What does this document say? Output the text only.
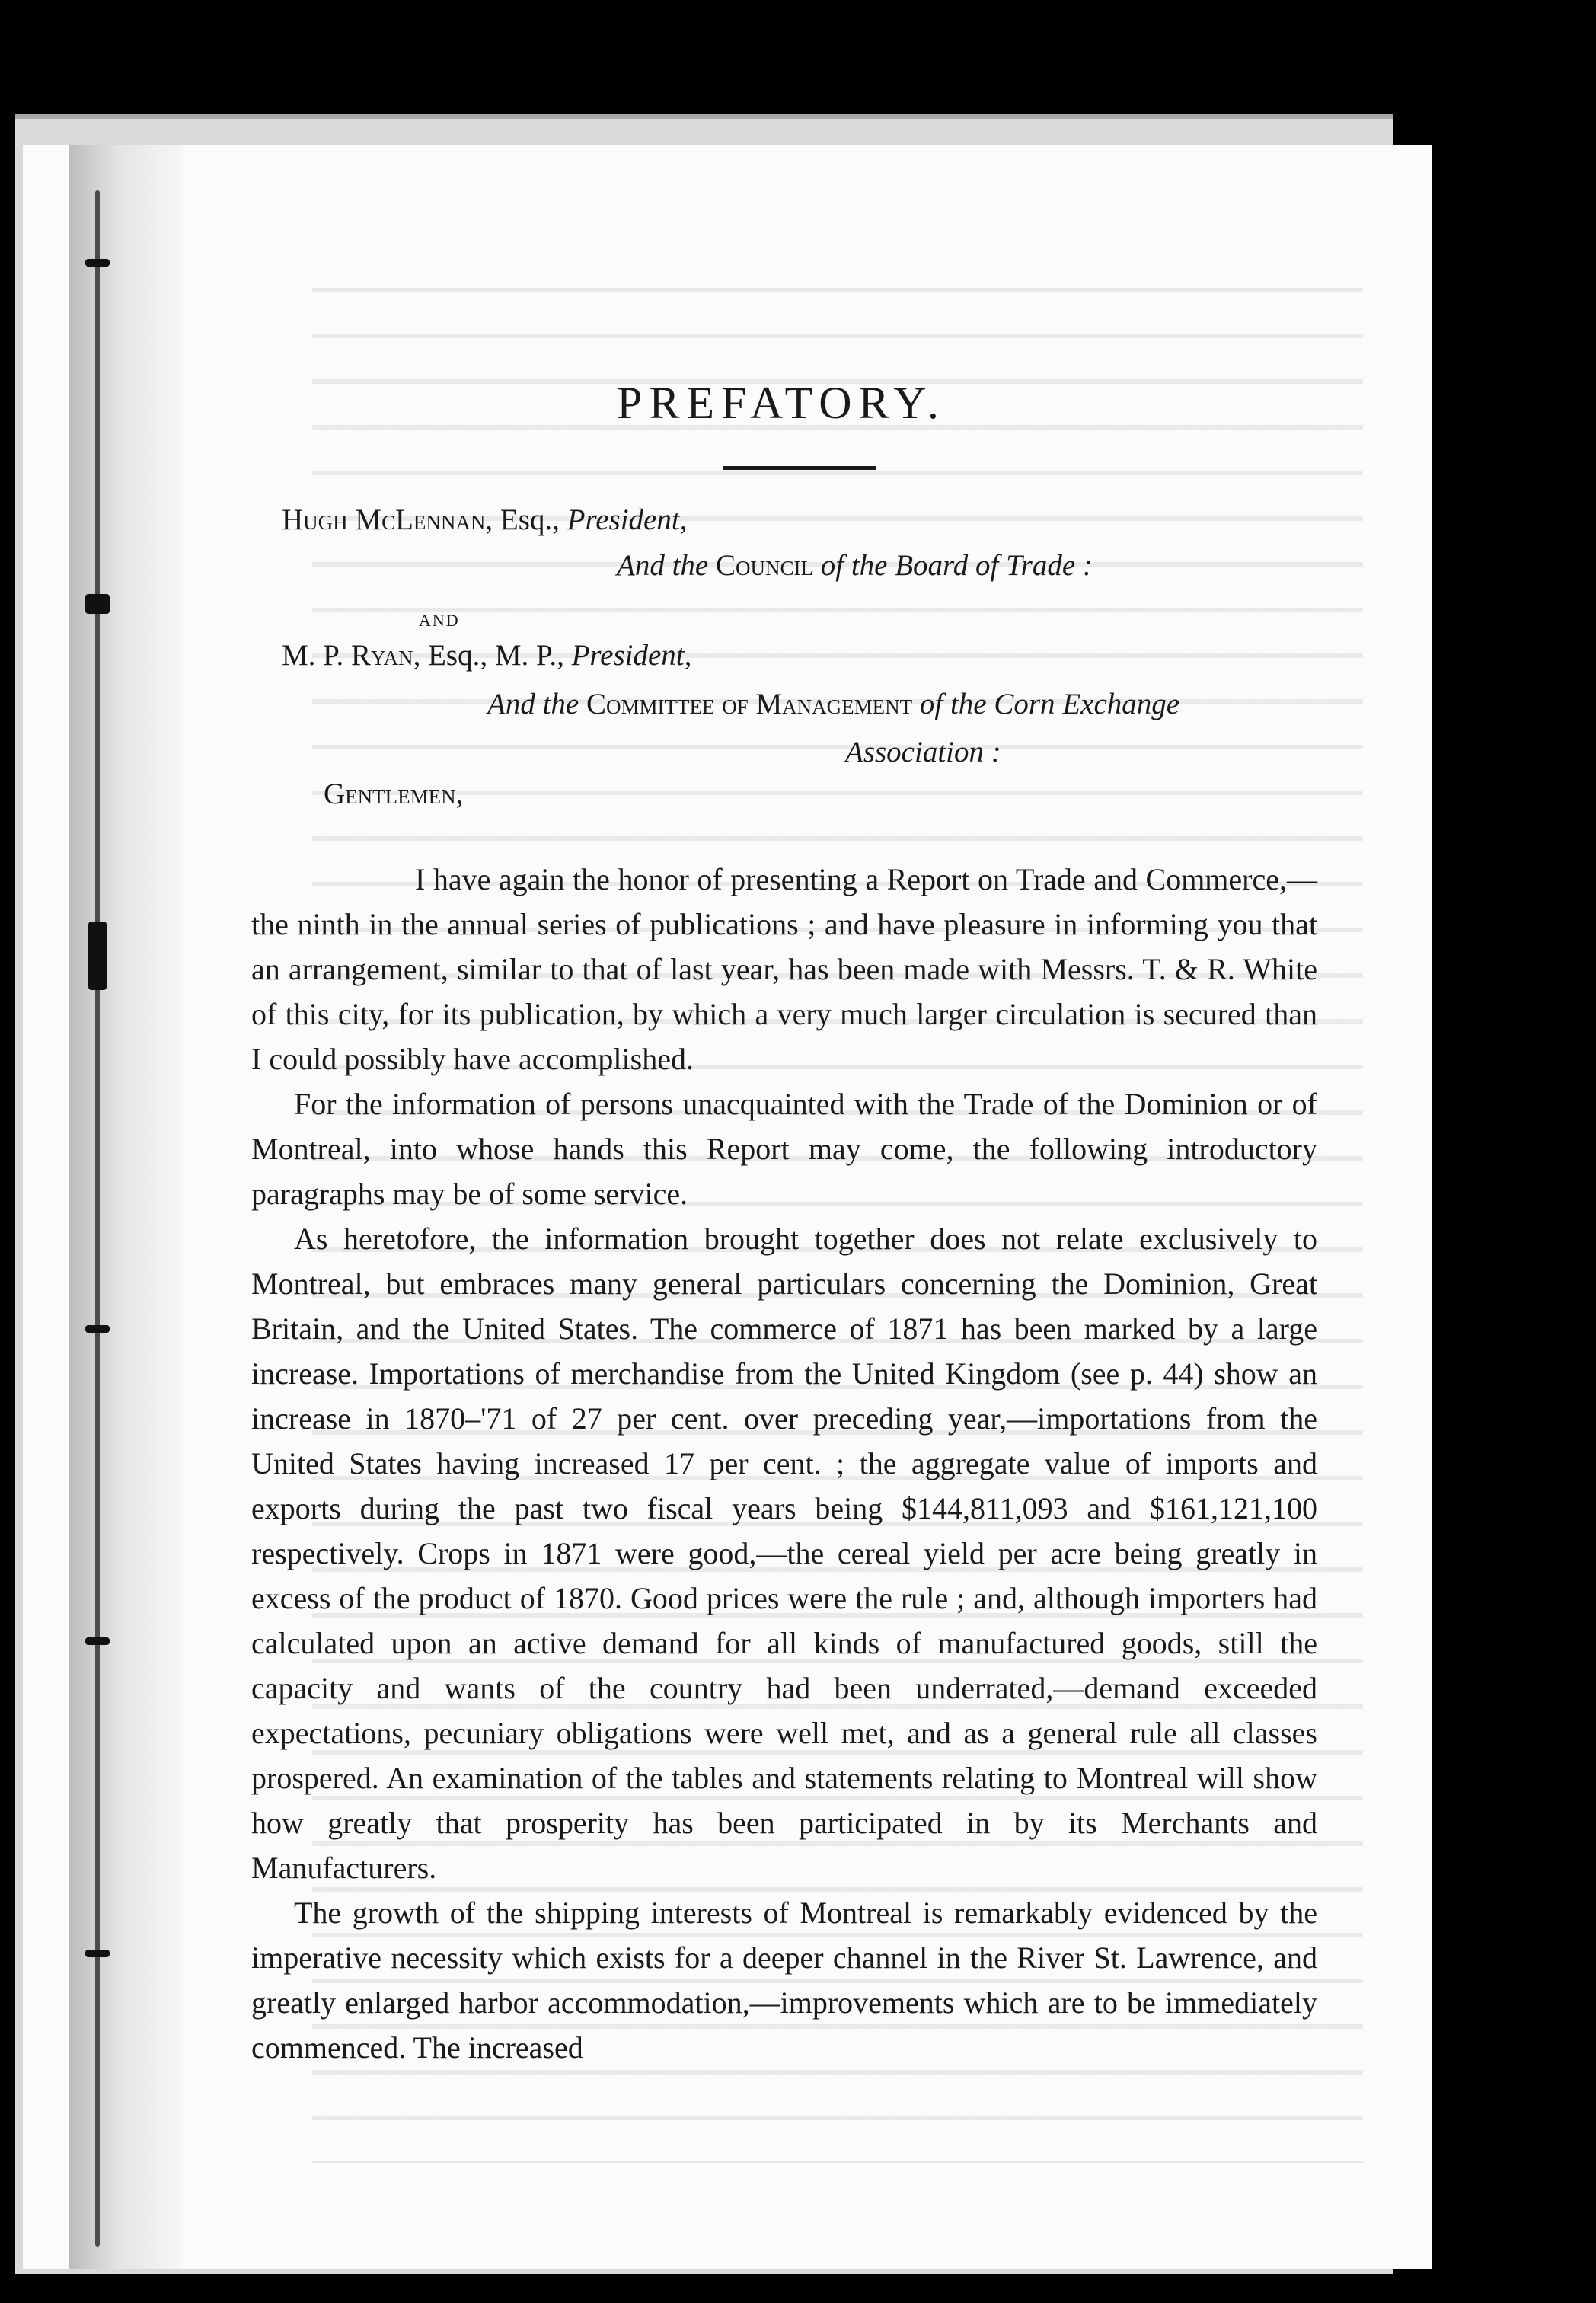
PREFATORY.

Hugh McLennan, Esq., President,

And the Council of the Board of Trade :

AND

M. P. Ryan, Esq., M. P., President,

And the Committee of Management of the Corn Exchange

Association :

Gentlemen,

I have again the honor of presenting a Report on Trade and Commerce,—the ninth in the annual series of publications ; and have pleasure in informing you that an arrangement, similar to that of last year, has been made with Messrs. T. & R. White of this city, for its publication, by which a very much larger circulation is secured than I could possibly have accomplished.

For the information of persons unacquainted with the Trade of the Dominion or of Montreal, into whose hands this Report may come, the following introductory paragraphs may be of some service.

As heretofore, the information brought together does not relate exclusively to Montreal, but embraces many general particulars concerning the Dominion, Great Britain, and the United States. The commerce of 1871 has been marked by a large increase. Importations of merchandise from the United Kingdom (see p. 44) show an increase in 1870–'71 of 27 per cent. over preceding year,—importations from the United States having increased 17 per cent. ; the aggregate value of imports and exports during the past two fiscal years being $144,811,093 and $161,121,100 respectively. Crops in 1871 were good,—the cereal yield per acre being greatly in excess of the product of 1870. Good prices were the rule ; and, although importers had calculated upon an active demand for all kinds of manufactured goods, still the capacity and wants of the country had been underrated,—demand exceeded expectations, pecuniary obligations were well met, and as a general rule all classes prospered. An examination of the tables and statements relating to Montreal will show how greatly that prosperity has been participated in by its Merchants and Manufacturers.

The growth of the shipping interests of Montreal is remarkably evidenced by the imperative necessity which exists for a deeper channel in the River St. Lawrence, and greatly enlarged harbor accommodation,—improvements which are to be immediately commenced. The increased
